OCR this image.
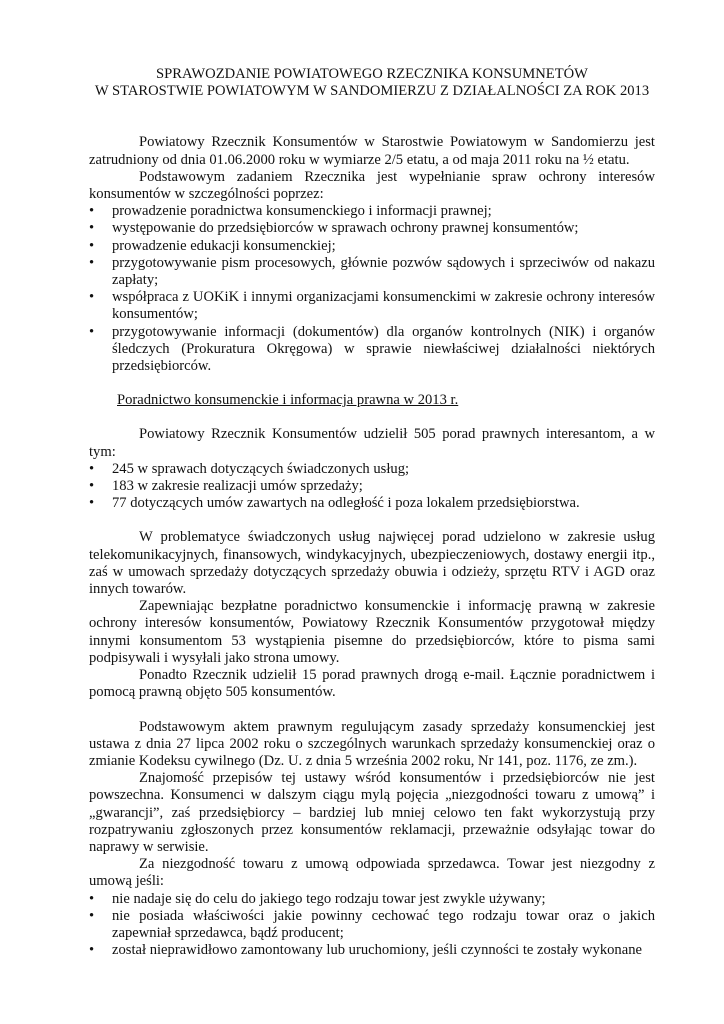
SPRAWOZDANIE POWIATOWEGO RZECZNIKA KONSUMNETÓW
W STAROSTWIE POWIATOWYM W SANDOMIERZU Z DZIAŁALNOŚCI ZA ROK 2013

Powiatowy Rzecznik Konsumentów w Starostwie Powiatowym w Sandomierzu jest zatrudniony od dnia 01.06.2000 roku w wymiarze 2/5 etatu, a od maja 2011 roku na ½ etatu.

Podstawowym zadaniem Rzecznika jest wypełnianie spraw ochrony interesów konsumentów w szczególności poprzez:

•	prowadzenie poradnictwa konsumenckiego i informacji prawnej;
•	występowanie do przedsiębiorców w sprawach ochrony prawnej konsumentów;
•	prowadzenie edukacji konsumenckiej;
•	przygotowywanie pism procesowych, głównie pozwów sądowych i sprzeciwów od nakazu zapłaty;
•	współpraca z UOKiK i innymi organizacjami konsumenckimi w zakresie ochrony interesów konsumentów;
•	przygotowywanie informacji (dokumentów) dla organów kontrolnych (NIK) i organów śledczych (Prokuratura Okręgowa) w sprawie niewłaściwej działalności niektórych przedsiębiorców.

Poradnictwo konsumenckie i informacja prawna w 2013 r.

Powiatowy Rzecznik Konsumentów udzielił 505 porad prawnych interesantom, a w tym:

•	245 w sprawach dotyczących świadczonych usług;
•	183 w zakresie realizacji umów sprzedaży;
•	77 dotyczących umów zawartych na odległość i poza lokalem przedsiębiorstwa.

W problematyce świadczonych usług najwięcej porad udzielono w zakresie usług telekomunikacyjnych, finansowych, windykacyjnych, ubezpieczeniowych, dostawy energii itp., zaś w umowach sprzedaży dotyczących sprzedaży obuwia i odzieży, sprzętu RTV i AGD oraz innych towarów.

Zapewniając bezpłatne poradnictwo konsumenckie i informację prawną w zakresie ochrony interesów konsumentów, Powiatowy Rzecznik Konsumentów przygotował między innymi konsumentom 53 wystąpienia pisemne do przedsiębiorców, które to pisma sami podpisywali i wysyłali jako strona umowy.

Ponadto Rzecznik udzielił 15 porad prawnych drogą e-mail. Łącznie poradnictwem i pomocą prawną objęto 505 konsumentów.

Podstawowym aktem prawnym regulującym zasady sprzedaży konsumenckiej jest ustawa z dnia 27 lipca 2002 roku o szczególnych warunkach sprzedaży konsumenckiej oraz o zmianie Kodeksu cywilnego (Dz. U. z dnia 5 września 2002 roku, Nr 141, poz. 1176, ze zm.).

Znajomość przepisów tej ustawy wśród konsumentów i przedsiębiorców nie jest powszechna. Konsumenci w dalszym ciągu mylą pojęcia „niezgodności towaru z umową” i „gwarancji”, zaś przedsiębiorcy – bardziej lub mniej celowo ten fakt wykorzystują przy rozpatrywaniu zgłoszonych przez konsumentów reklamacji, przeważnie odsyłając towar do naprawy w serwisie.

Za niezgodność towaru z umową odpowiada sprzedawca. Towar jest niezgodny z umową jeśli:

•	nie nadaje się do celu do jakiego tego rodzaju towar jest zwykle używany;
•	nie posiada właściwości jakie powinny cechować tego rodzaju towar oraz o jakich zapewniał sprzedawca, bądź producent;
•	został nieprawidłowo zamontowany lub uruchomiony, jeśli czynności te zostały wykonane
